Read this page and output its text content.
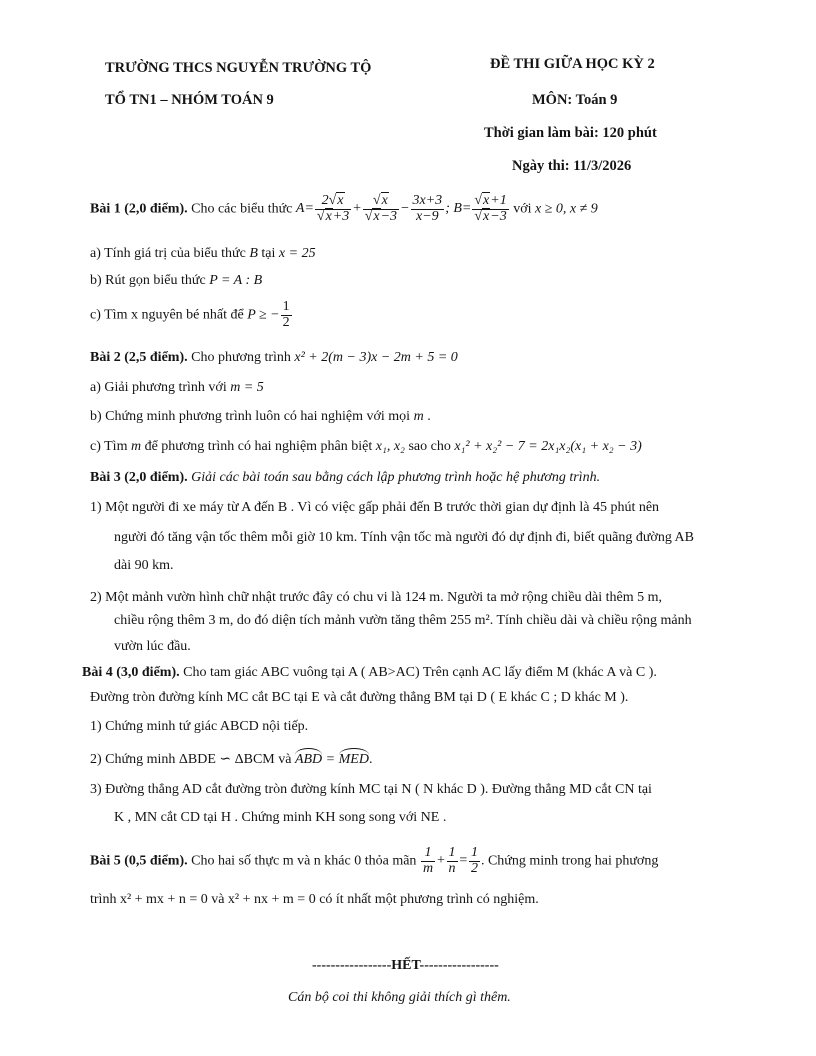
TRƯỜNG THCS NGUYỄN TRƯỜNG TỘ
TỔ TN1 – NHÓM TOÁN 9
ĐỀ THI GIỮA HỌC KỲ 2
MÔN: Toán 9
Thời gian làm bài: 120 phút
Ngày thi: 11/3/2026
Bài 1 (2,0 điểm). Cho các biểu thức $A= \frac{2√x}{√x+3} + \frac{√x}{√x-3} - \frac{3x+3}{x-9}$ ; $B= \frac{√x+1}{√x-3}$ với x ≥ 0, x ≠ 9
a) Tính giá trị của biểu thức B tại x = 25
b) Rút gọn biểu thức P = A : B
c) Tìm x nguyên bé nhất để P ≥ − $\frac{1}{2}$
Bài 2 (2,5 điểm). Cho phương trình x² + 2(m − 3)x − 2m + 5 = 0
a) Giải phương trình với m = 5
b) Chứng minh phương trình luôn có hai nghiệm với mọi m .
c) Tìm m để phương trình có hai nghiệm phân biệt x₁, x₂ sao cho x₁² + x₂² − 7 = 2x₁x₂(x₁ + x₂ − 3)
Bài 3 (2,0 điểm). Giải các bài toán sau bằng cách lập phương trình hoặc hệ phương trình.
1) Một người đi xe máy từ A đến B . Vì có việc gấp phải đến B trước thời gian dự định là 45 phút nên
người đó tăng vận tốc thêm mỗi giờ 10 km. Tính vận tốc mà người đó dự định đi, biết quãng đường AB
dài 90 km.
2) Một mảnh vườn hình chữ nhật trước đây có chu vi là 124 m. Người ta mở rộng chiều dài thêm 5 m,
chiều rộng thêm 3 m, do đó diện tích mảnh vườn tăng thêm 255 m². Tính chiều dài và chiều rộng mảnh
vườn lúc đầu.
Bài 4 (3,0 điểm). Cho tam giác ABC vuông tại A ( AB>AC) Trên cạnh AC lấy điểm M (khác A và C ).
Đường tròn đường kính MC cắt BC tại E và cắt đường thẳng BM tại D ( E khác C ; D khác M ).
1) Chứng minh tứ giác ABCD nội tiếp.
2) Chứng minh ΔBDE ∽ ΔBCM và ABD = MED.
3) Đường thẳng AD cắt đường tròn đường kính MC tại N ( N khác D ). Đường thẳng MD cắt CN tại
K , MN cắt CD tại H . Chứng minh KH song song với NE .
Bài 5 (0,5 điểm). Cho hai số thực m và n khác 0 thỏa mãn $\frac{1}{m} + \frac{1}{n} = \frac{1}{2}$ . Chứng minh trong hai phương
trình x² + mx + n = 0 và x² + nx + m = 0 có ít nhất một phương trình có nghiệm.
-----------------HẾT-----------------
Cán bộ coi thi không giải thích gì thêm.
